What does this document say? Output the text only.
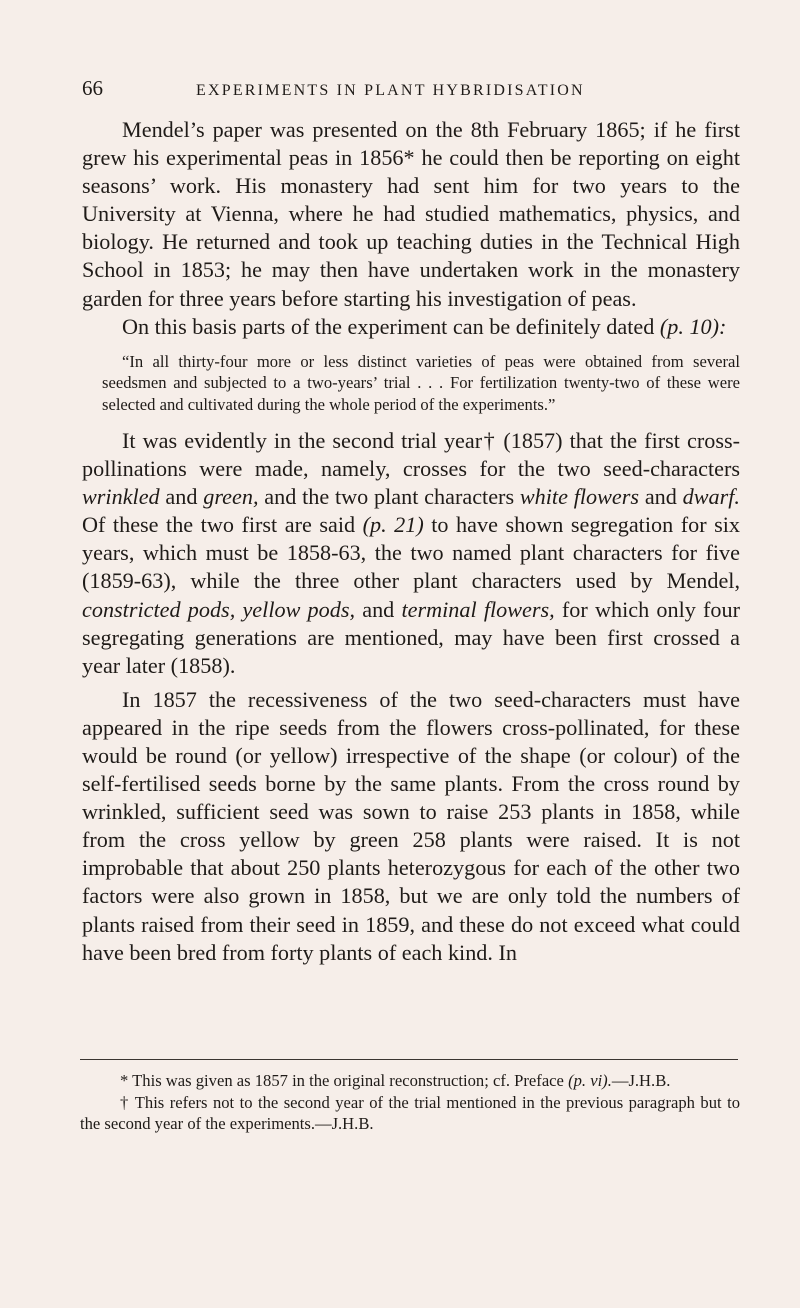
66	EXPERIMENTS IN PLANT HYBRIDISATION

Mendel’s paper was presented on the 8th February 1865; if he first grew his experimental peas in 1856* he could then be reporting on eight seasons’ work. His monastery had sent him for two years to the University at Vienna, where he had studied mathematics, physics, and biology. He returned and took up teaching duties in the Technical High School in 1853; he may then have undertaken work in the monastery garden for three years before starting his investigation of peas.

On this basis parts of the experiment can be definitely dated (p. 10):

“In all thirty-four more or less distinct varieties of peas were obtained from several seedsmen and subjected to a two-years’ trial . . . For fertilization twenty-two of these were selected and cultivated during the whole period of the experiments.”

It was evidently in the second trial year† (1857) that the first cross-pollinations were made, namely, crosses for the two seed-characters wrinkled and green, and the two plant characters white flowers and dwarf. Of these the two first are said (p. 21) to have shown segregation for six years, which must be 1858-63, the two named plant characters for five (1859-63), while the three other plant characters used by Mendel, constricted pods, yellow pods, and terminal flowers, for which only four segregating generations are mentioned, may have been first crossed a year later (1858).

In 1857 the recessiveness of the two seed-characters must have appeared in the ripe seeds from the flowers cross-pollinated, for these would be round (or yellow) irrespective of the shape (or colour) of the self-fertilised seeds borne by the same plants. From the cross round by wrinkled, sufficient seed was sown to raise 253 plants in 1858, while from the cross yellow by green 258 plants were raised. It is not improbable that about 250 plants heterozygous for each of the other two factors were also grown in 1858, but we are only told the numbers of plants raised from their seed in 1859, and these do not exceed what could have been bred from forty plants of each kind. In

* This was given as 1857 in the original reconstruction; cf. Preface (p. vi).—J.H.B.

† This refers not to the second year of the trial mentioned in the previous paragraph but to the second year of the experiments.—J.H.B.
